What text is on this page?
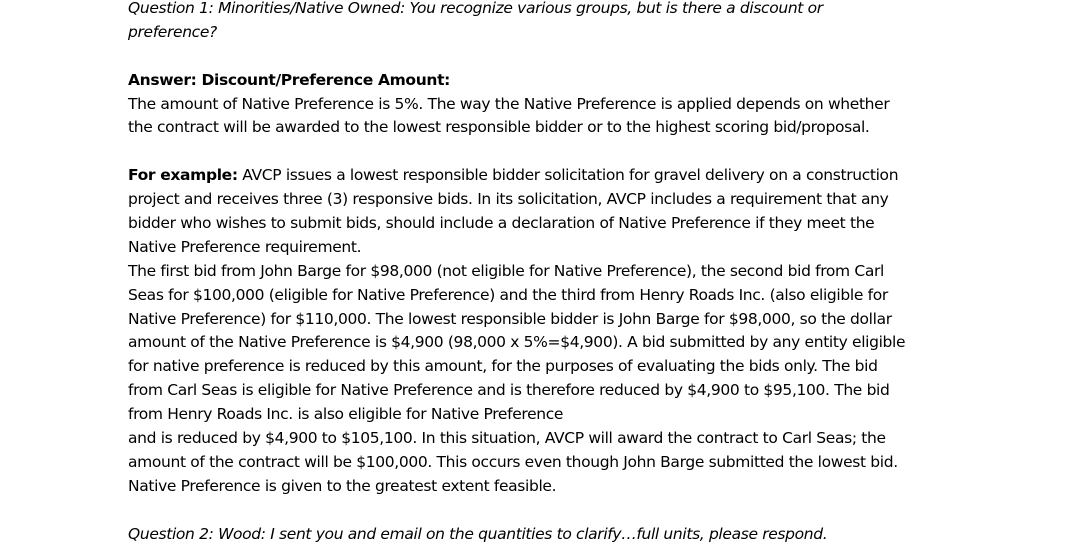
Question 1: Minorities/Native Owned: You recognize various groups, but is there a discount or
preference?
Answer: Discount/Preference Amount:
The amount of Native Preference is 5%. The way the Native Preference is applied depends on whether
the contract will be awarded to the lowest responsible bidder or to the highest scoring bid/proposal.
For example: AVCP issues a lowest responsible bidder solicitation for gravel delivery on a construction
project and receives three (3) responsive bids. In its solicitation, AVCP includes a requirement that any
bidder who wishes to submit bids, should include a declaration of Native Preference if they meet the
Native Preference requirement.
The first bid from John Barge for $98,000 (not eligible for Native Preference), the second bid from Carl
Seas for $100,000 (eligible for Native Preference) and the third from Henry Roads Inc. (also eligible for
Native Preference) for $110,000. The lowest responsible bidder is John Barge for $98,000, so the dollar
amount of the Native Preference is $4,900 (98,000 x 5%=$4,900). A bid submitted by any entity eligible
for native preference is reduced by this amount, for the purposes of evaluating the bids only. The bid
from Carl Seas is eligible for Native Preference and is therefore reduced by $4,900 to $95,100. The bid
from Henry Roads Inc. is also eligible for Native Preference
and is reduced by $4,900 to $105,100. In this situation, AVCP will award the contract to Carl Seas; the
amount of the contract will be $100,000. This occurs even though John Barge submitted the lowest bid.
Native Preference is given to the greatest extent feasible.
Question 2: Wood: I sent you and email on the quantities to clarify…full units, please respond.
